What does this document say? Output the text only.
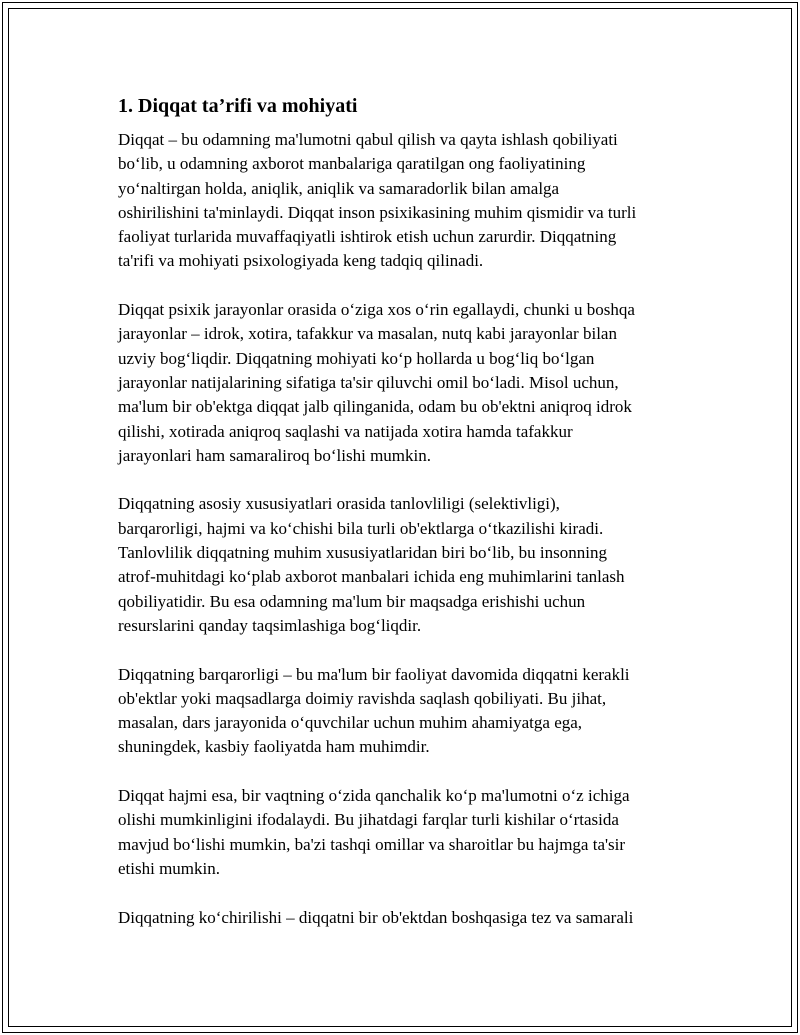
1. Diqqat ta’rifi va mohiyati
Diqqat – bu odamning ma'lumotni qabul qilish va qayta ishlash qobiliyati
bo‘lib, u odamning axborot manbalariga qaratilgan ong faoliyatining
yo‘naltirgan holda, aniqlik, aniqlik va samaradorlik bilan amalga
oshirilishini ta'minlaydi. Diqqat inson psixikasining muhim qismidir va turli
faoliyat turlarida muvaffaqiyatli ishtirok etish uchun zarurdir. Diqqatning
ta'rifi va mohiyati psixologiyada keng tadqiq qilinadi.
Diqqat psixik jarayonlar orasida o‘ziga xos o‘rin egallaydi, chunki u boshqa
jarayonlar – idrok, xotira, tafakkur va masalan, nutq kabi jarayonlar bilan
uzviy bog‘liqdir. Diqqatning mohiyati ko‘p hollarda u bog‘liq bo‘lgan
jarayonlar natijalarining sifatiga ta'sir qiluvchi omil bo‘ladi. Misol uchun,
ma'lum bir ob'ektga diqqat jalb qilinganida, odam bu ob'ektni aniqroq idrok
qilishi, xotirada aniqroq saqlashi va natijada xotira hamda tafakkur
jarayonlari ham samaraliroq bo‘lishi mumkin.
Diqqatning asosiy xususiyatlari orasida tanlovliligi (selektivligi),
barqarorligi, hajmi va ko‘chishi bila turli ob'ektlarga o‘tkazilishi kiradi.
Tanlovlilik diqqatning muhim xususiyatlaridan biri bo‘lib, bu insonning
atrof-muhitdagi ko‘plab axborot manbalari ichida eng muhimlarini tanlash
qobiliyatidir. Bu esa odamning ma'lum bir maqsadga erishishi uchun
resurslarini qanday taqsimlashiga bog‘liqdir.
Diqqatning barqarorligi – bu ma'lum bir faoliyat davomida diqqatni kerakli
ob'ektlar yoki maqsadlarga doimiy ravishda saqlash qobiliyati. Bu jihat,
masalan, dars jarayonida o‘quvchilar uchun muhim ahamiyatga ega,
shuningdek, kasbiy faoliyatda ham muhimdir.
Diqqat hajmi esa, bir vaqtning o‘zida qanchalik ko‘p ma'lumotni o‘z ichiga
olishi mumkinligini ifodalaydi. Bu jihatdagi farqlar turli kishilar o‘rtasida
mavjud bo‘lishi mumkin, ba'zi tashqi omillar va sharoitlar bu hajmga ta'sir
etishi mumkin.
Diqqatning ko‘chirilishi – diqqatni bir ob'ektdan boshqasiga tez va samarali
